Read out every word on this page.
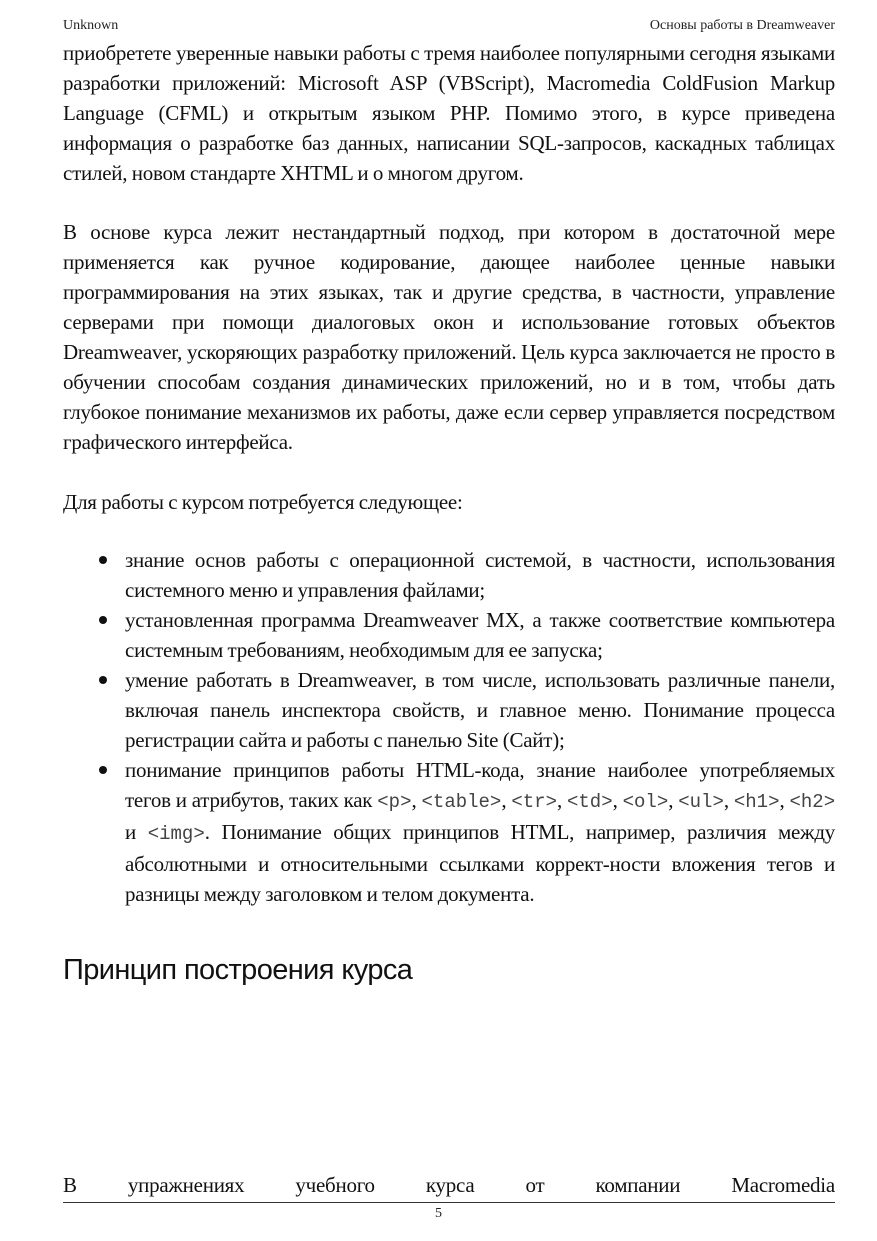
Unknown	Основы работы в Dreamweaver

приобретете уверенные навыки работы с тремя наиболее популярными сегодня языками разработки приложений: Microsoft ASP (VBScript), Macromedia ColdFusion Markup Language (CFML) и открытым языком PHP. Помимо этого, в курсе приведена информация о разработке баз данных, написании SQL-запросов, каскадных таблицах стилей, новом стандарте XHTML и о многом другом.

В основе курса лежит нестандартный подход, при котором в достаточной мере применяется как ручное кодирование, дающее наиболее ценные навыки программирования на этих языках, так и другие средства, в частности, управление серверами при помощи диалоговых окон и использование готовых объектов Dreamweaver, ускоряющих разработку приложений. Цель курса заключается не просто в обучении способам создания динамических приложений, но и в том, чтобы дать глубокое понимание механизмов их работы, даже если сервер управляется посредством графического интерфейса.

Для работы с курсом потребуется следующее:

знание основ работы с операционной системой, в частности, использования системного меню и управления файлами;
установленная программа Dreamweaver MX, а также соответствие компьютера системным требованиям, необходимым для ее запуска;
умение работать в Dreamweaver, в том числе, использовать различные панели, включая панель инспектора свойств, и главное меню. Понимание процесса регистрации сайта и работы с панелью Site (Сайт);
понимание принципов работы HTML-кода, знание наиболее употребляемых тегов и атрибутов, таких как <p>, <table>, <tr>, <td>, <ol>, <ul>, <h1>, <h2> и <img>. Понимание общих принципов HTML, например, различия между абсолютными и относительными ссылками коррект-ности вложения тегов и разницы между заголовком и телом документа.
Принцип построения курса
В упражнениях учебного курса от компании Macromedia
5
